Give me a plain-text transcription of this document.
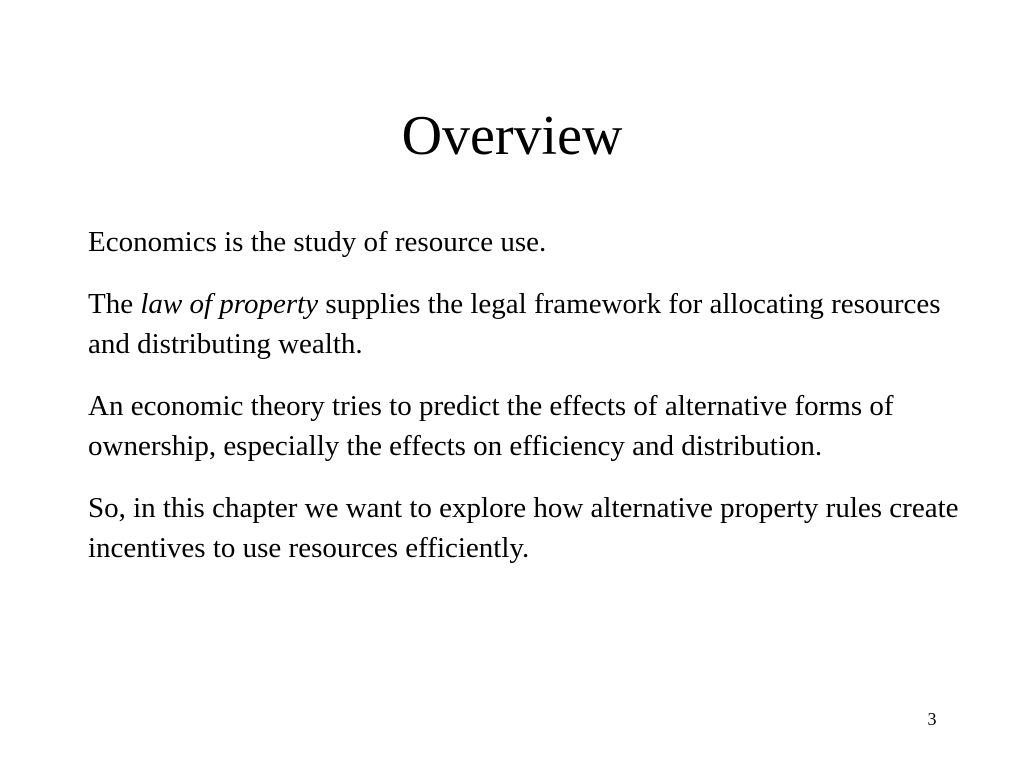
Overview

Economics is the study of resource use.

The law of property supplies the legal framework for allocating resources and distributing wealth.

An economic theory tries to predict the effects of alternative forms of ownership, especially the effects on efficiency and distribution.

So, in this chapter we want to explore how alternative property rules create incentives to use resources efficiently.

3
